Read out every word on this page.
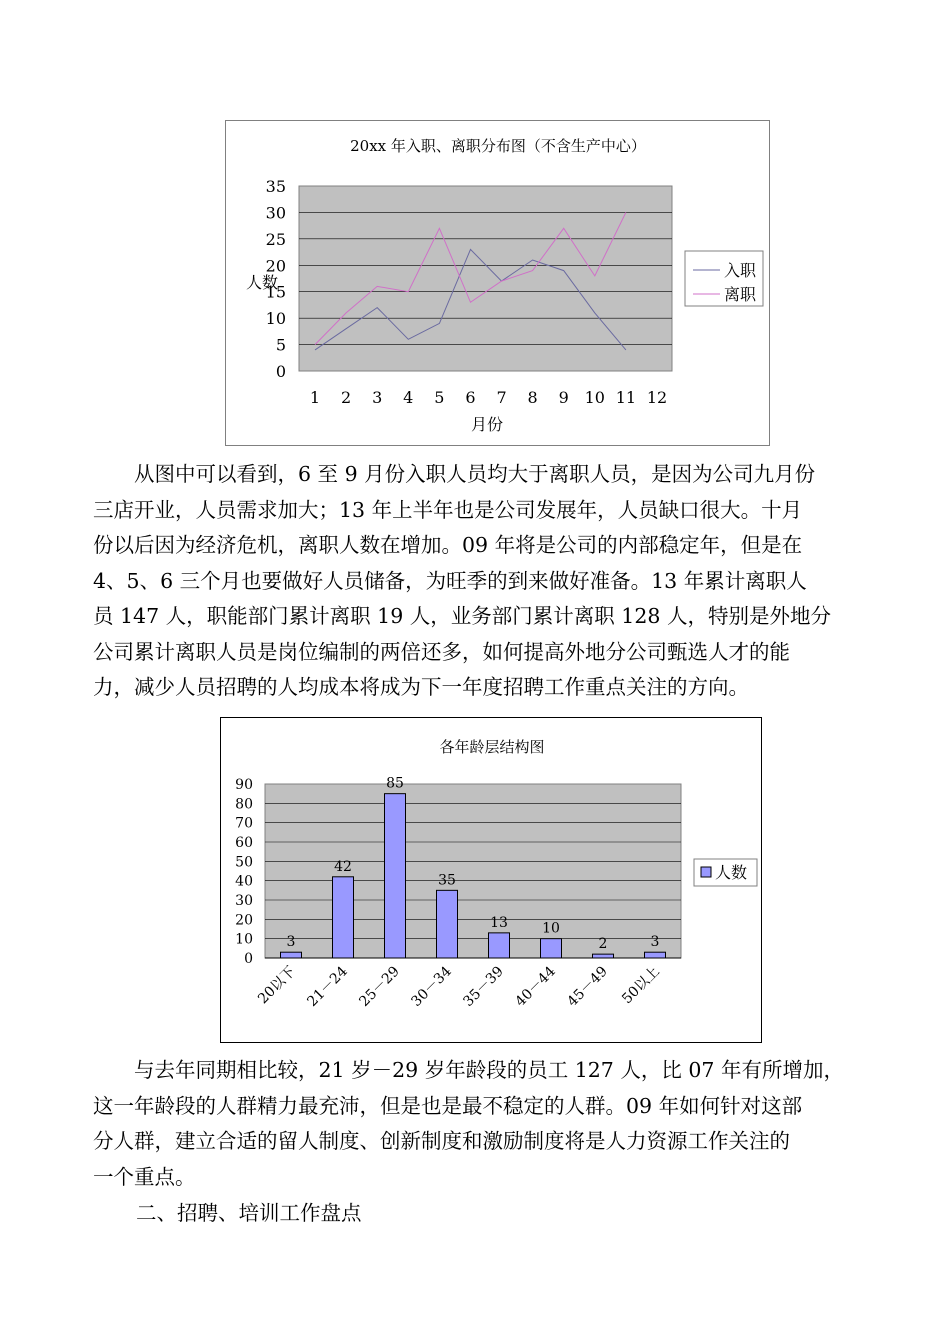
20xx 年入职、离职分布图（不含生产中心）
0
5
10
15
20
25
30
35
1 2 3 4 5 6 7 8 9 10 11 12
月份
人数
入职
离职

从图中可以看到，6 至 9 月份入职人员均大于离职人员，是因为公司九月份
三店开业，人员需求加大；13 年上半年也是公司发展年，人员缺口很大。十月
份以后因为经济危机，离职人数在增加。09 年将是公司的内部稳定年，但是在
4、5、6 三个月也要做好人员储备，为旺季的到来做好准备。13 年累计离职人
员 147 人，职能部门累计离职 19 人，业务部门累计离职 128 人，特别是外地分
公司累计离职人员是岗位编制的两倍还多，如何提高外地分公司甄选人才的能
力，减少人员招聘的人均成本将成为下一年度招聘工作重点关注的方向。

各年龄层结构图
0
10
20
30
40
50
60
70
80
90
3
20以下
42
21－24
85
25－29
35
30－34
13
35－39
10
40－44
2
45－49
3
50以上
人数

与去年同期相比较，21 岁－29 岁年龄段的员工 127 人，比 07 年有所增加，
这一年龄段的人群精力最充沛，但是也是最不稳定的人群。09 年如何针对这部
分人群，建立合适的留人制度、创新制度和激励制度将是人力资源工作关注的
一个重点。

二、招聘、培训工作盘点
